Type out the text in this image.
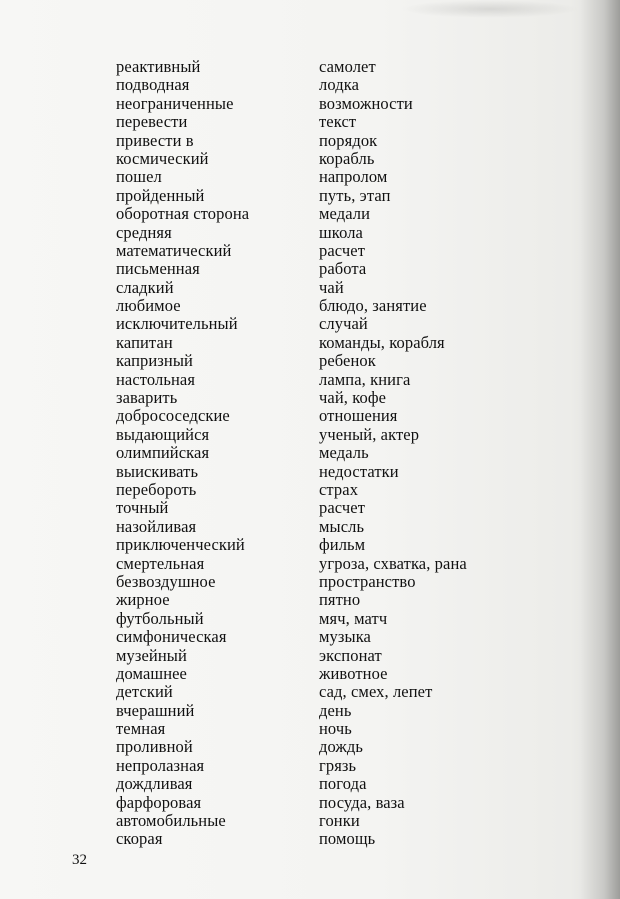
реактивный
подводная
неограниченные
перевести
привести в
космический
пошел
пройденный
оборотная сторона
средняя
математический
письменная
сладкий
любимое
исключительный
капитан
капризный
настольная
заварить
добрососедские
выдающийся
олимпийская
выискивать
перебороть
точный
назойливая
приключенческий
смертельная
безвоздушное
жирное
футбольный
симфоническая
музейный
домашнее
детский
вчерашний
темная
проливной
непролазная
дождливая
фарфоровая
автомобильные
скорая
самолет
лодка
возможности
текст
порядок
корабль
напролом
путь, этап
медали
школа
расчет
работа
чай
блюдо, занятие
случай
команды, корабля
ребенок
лампа, книга
чай, кофе
отношения
ученый, актер
медаль
недостатки
страх
расчет
мысль
фильм
угроза, схватка, рана
пространство
пятно
мяч, матч
музыка
экспонат
животное
сад, смех, лепет
день
ночь
дождь
грязь
погода
посуда, ваза
гонки
помощь
32
